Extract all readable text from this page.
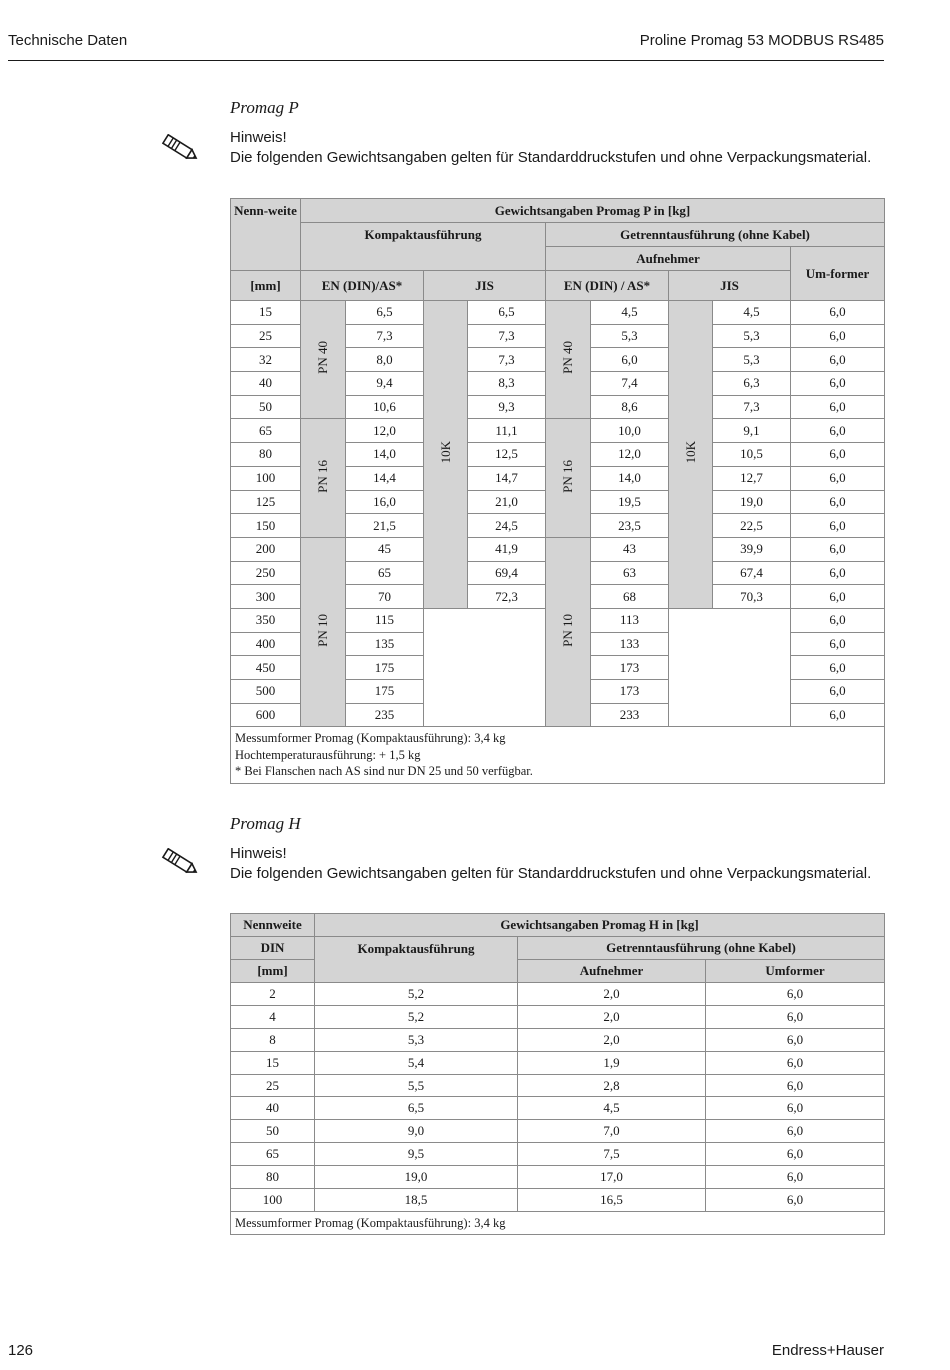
Technische Daten	Proline Promag 53 MODBUS RS485
Promag P
Hinweis!
Die folgenden Gewichtsangaben gelten für Standarddruckstufen und ohne Verpackungsmaterial.
Nenn-weite	Gewichtsangaben Promag P in [kg]								
	Kompaktausführung				Getrenntausführung (ohne Kabel)				
					Aufnehmer				Um-former
[mm]	EN (DIN)/AS*		JIS		EN (DIN) / AS*		JIS		
15	PN 40	6,5	10K	6,5	PN 40	4,5	10K	4,5	6,0
25		7,3		7,3		5,3		5,3	6,0
32		8,0		7,3		6,0		5,3	6,0
40		9,4		8,3		7,4		6,3	6,0
50		10,6		9,3		8,6		7,3	6,0
65	PN 16	12,0		11,1	PN 16	10,0		9,1	6,0
80		14,0		12,5		12,0		10,5	6,0
100		14,4		14,7		14,0		12,7	6,0
125		16,0		21,0		19,5		19,0	6,0
150		21,5		24,5		23,5		22,5	6,0
200	PN 10	45		41,9	PN 10	43		39,9	6,0
250		65		69,4		63		67,4	6,0
300		70		72,3		68		70,3	6,0
350		115				113			6,0
400		135				133			6,0
450		175				173			6,0
500		175				173			6,0
600		235				233			6,0

Messumformer Promag (Kompaktausführung): 3,4 kg
Hochtemperaturausführung: + 1,5 kg
* Bei Flanschen nach AS sind nur DN 25 und 50 verfügbar.									
Promag H
Hinweis!
Die folgenden Gewichtsangaben gelten für Standarddruckstufen und ohne Verpackungsmaterial.
Nennweite	Gewichtsangaben Promag H in [kg]		
DIN	Kompaktausführung	Getrenntausführung (ohne Kabel)	
[mm]		Aufnehmer	Umformer
2	5,2	2,0	6,0
4	5,2	2,0	6,0
8	5,3	2,0	6,0
15	5,4	1,9	6,0
25	5,5	2,8	6,0
40	6,5	4,5	6,0
50	9,0	7,0	6,0
65	9,5	7,5	6,0
80	19,0	17,0	6,0
100	18,5	16,5	6,0
Messumformer Promag (Kompaktausführung): 3,4 kg			
126	Endress+Hauser
